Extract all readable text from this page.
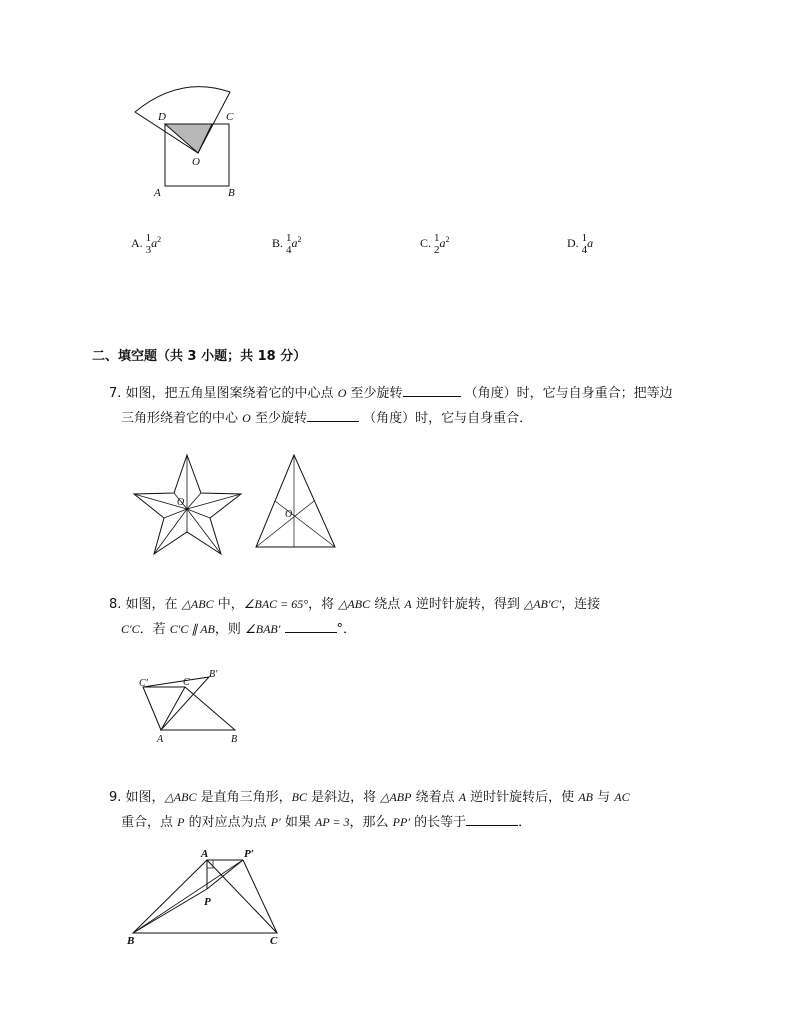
D	C
O
A	B
A. 1
3
$a^2$	B. 1
4
$a^2$	C. 1
2
$a^2$	D. 1
4
a
二、填空题（共 3 小题；共 18 分）
7. 如图，把五角星图案绕着它的中心点 O 至少旋转	（角度）时，它与自身重合；把等边
三角形绕着它的中心 O 至少旋转	（角度）时，它与自身重合．
O
O
8. 如图，在 △ABC 中，∠BAC = 65°，将 △ABC 绕点 A 逆时针旋转，得到 △AB′C′，连接
C′C．若 C′C ∥ AB，则 ∠BAB′	°．
C′	C
B′
A	B
9. 如图，△ABC 是直角三角形，BC 是斜边，将 △ABP 绕着点 A 逆时针旋转后，使 AB 与 AC
重合，点 P 的对应点为点 P′ 如果 AP = 3，那么 PP′ 的长等于	．
A	P′
P
B	C
